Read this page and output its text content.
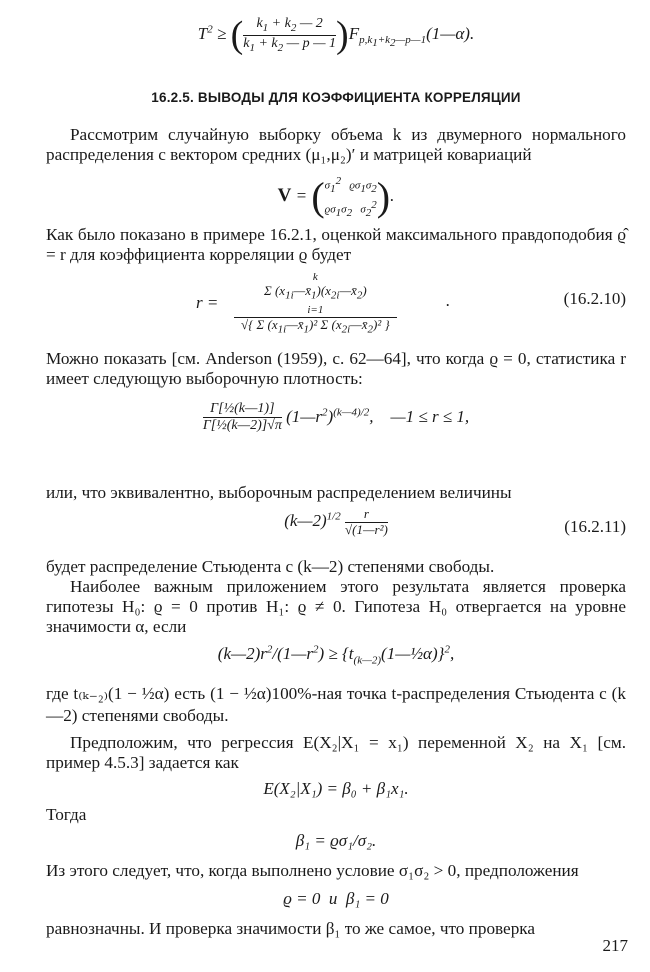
$T^2$ ≥ ( $\frac{k_1 + k_2 — 2}{k_1 + k_2 — p — 1}$ )$F_{p,k_1+k_2—p—1}(1—\alpha)$.

16.2.5. ВЫВОДЫ ДЛЯ КОЭФФИЦИЕНТА КОРРЕЛЯЦИИ

Рассмотрим случайную выборку объема k из двумерного нормального распределения с вектором средних (μ₁,μ₂)′ и матрицей ковариаций

$V = (\sigma_1^2$   $ϱ\sigma_1\sigma_2$
$ϱ\sigma_1\sigma_2$   $\sigma_2^2$).

Как было показано в примере 16.2.1, оценкой максимального правдоподобия ϱ̂ = r для коэффициента корреляции ϱ будет

r =
k
Σ $(x_{1i}—x̄_1)(x_{2i}—x̄_2)$
i=1
√{ Σ $(x_{1i}—x̄_1)^2$ Σ $(x_{2i}—x̄_2)^2$ }
.	(16.2.10)

Можно показать [см. Anderson (1959), с. 62—64], что когда ϱ = 0, статистика r имеет следующую выборочную плотность:

$\frac{\text{Γ[½(k—1)]}}{\text{Γ[½(k—2)]√π}}$ $(1—r^2)^{(k—4)/2}$,    —1 ≤ r ≤ 1,

или, что эквивалентно, выборочным распределением величины

(k—2)$^{1/2}$ $\frac{r}{\text{√(1—r²)}}$	(16.2.11)

будет распределение Стьюдента с (k—2) степенями свободы.

Наиболее важным приложением этого результата является проверка гипотезы H₀: ϱ = 0 против H₁: ϱ ≠ 0. Гипотеза H₀ отвергается на уровне значимости α, если

$(k—2)r^2/(1—r^2)$ ≥ $\{t_{(k—2)}(1—\frac{1}{2}\alpha)\}^2$,

где t₍ₖ₋₂₎(1 − ½α) есть (1 − ½α)100%-ная точка t-распределения Стьюдента с (k—2) степенями свободы.

Предположим, что регрессия E(X₂|X₁ = x₁) переменной X₂ на X₁ [см. пример 4.5.3] задается как

E(X₂|X₁) = β₀ + β₁x₁.

Тогда

β₁ = ϱσ₁/σ₂.

Из этого следует, что, когда выполнено условие σ₁σ₂ > 0, предположения

ϱ = 0  и  β₁ = 0

равнозначны. И проверка значимости β₁ то же самое, что проверка

217
